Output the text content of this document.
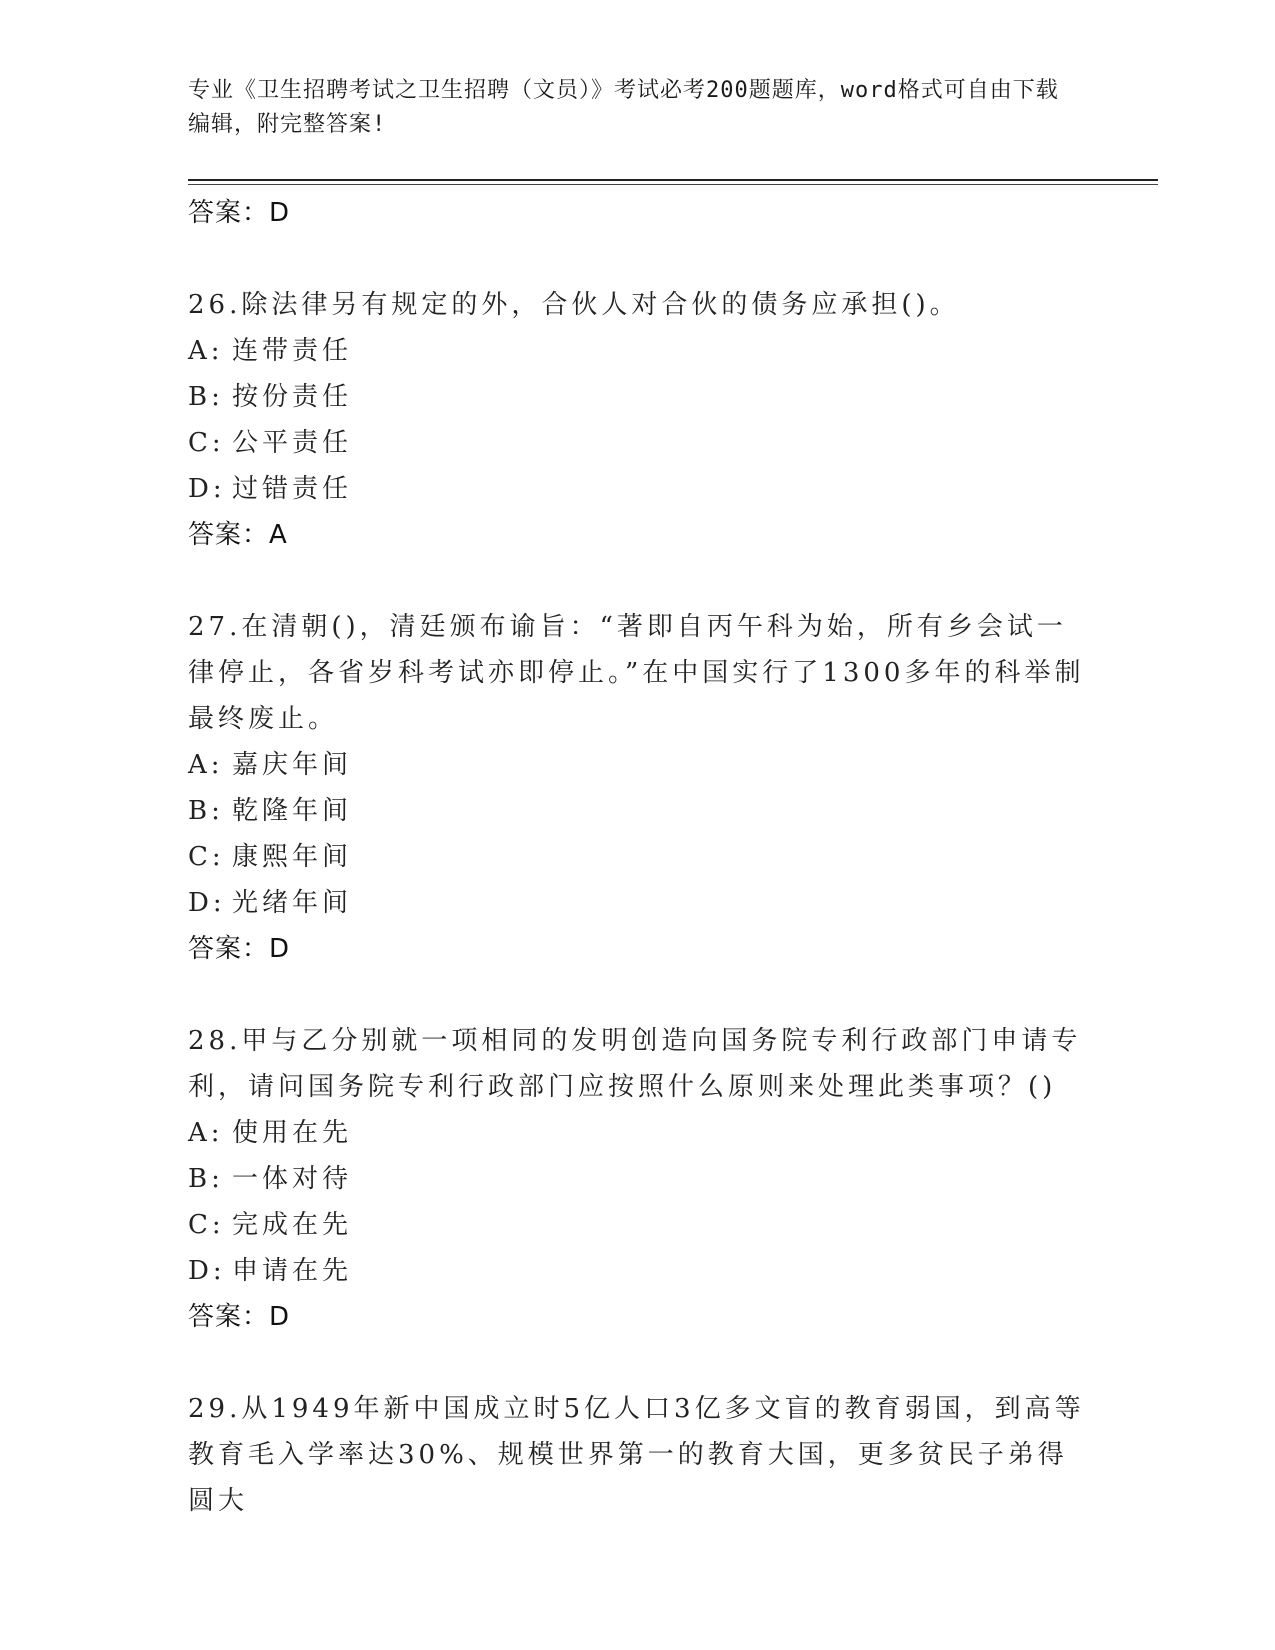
专业《卫生招聘考试之卫生招聘（文员）》考试必考200题题库，word格式可自由下载编辑，附完整答案!
答案：D
26.除法律另有规定的外，合伙人对合伙的债务应承担()。
A: 连带责任
B: 按份责任
C: 公平责任
D: 过错责任
答案：A
27.在清朝()，清廷颁布谕旨：“著即自丙午科为始，所有乡会试一律停止，各省岁科考试亦即停止。”在中国实行了1300多年的科举制最终废止。
A: 嘉庆年间
B: 乾隆年间
C: 康熙年间
D: 光绪年间
答案：D
28.甲与乙分别就一项相同的发明创造向国务院专利行政部门申请专利，请问国务院专利行政部门应按照什么原则来处理此类事项？()
A: 使用在先
B: 一体对待
C: 完成在先
D: 申请在先
答案：D
29.从1949年新中国成立时5亿人口3亿多文盲的教育弱国，到高等教育毛入学率达30%、规模世界第一的教育大国，更多贫民子弟得圆大
